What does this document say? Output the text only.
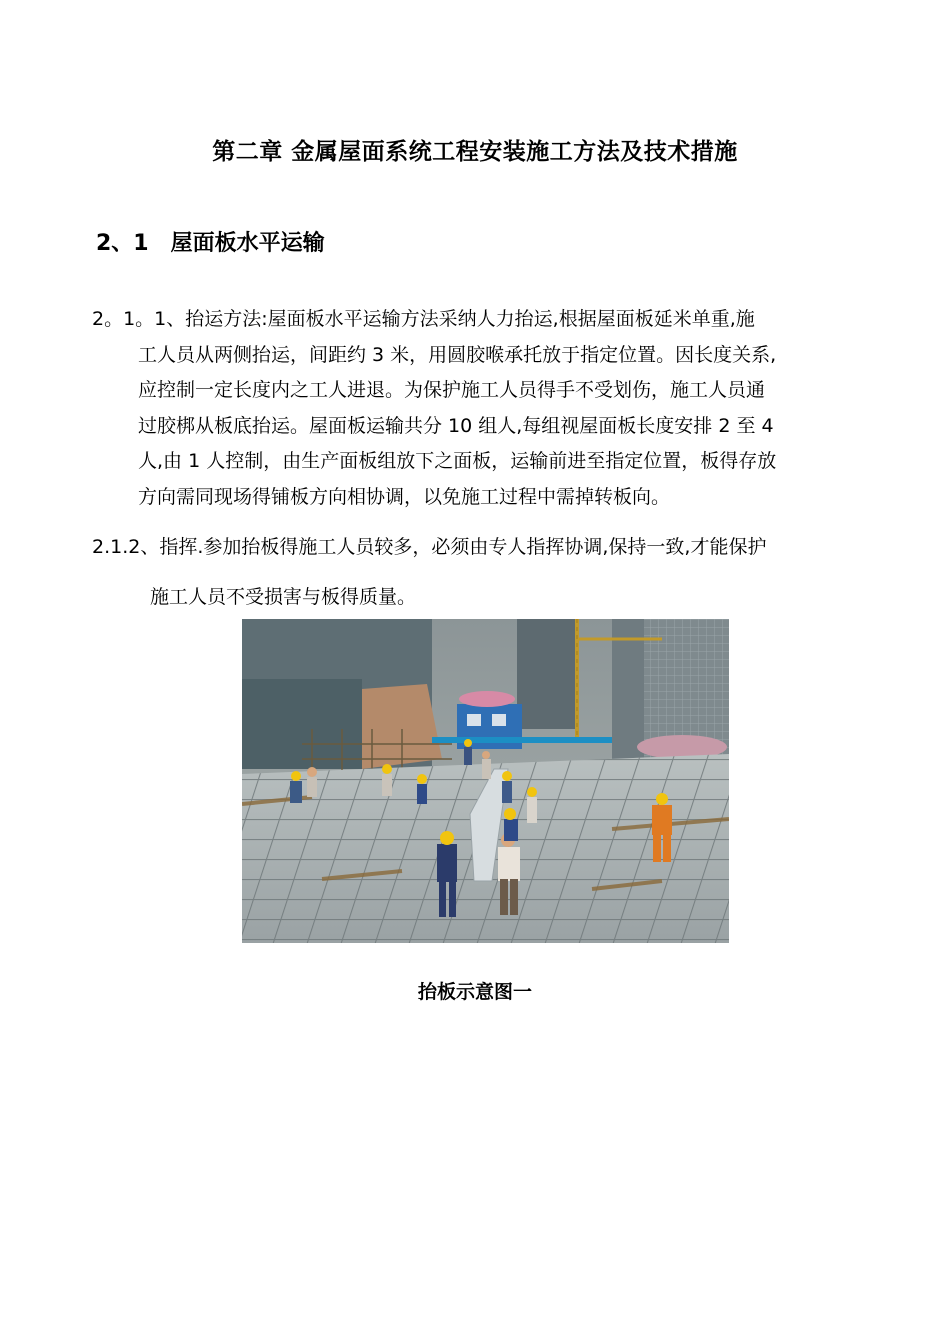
第二章 金属屋面系统工程安装施工方法及技术措施
2、1 屋面板水平运输
2。1。1、抬运方法:屋面板水平运输方法采纳人力抬运,根据屋面板延米单重,施
工人员从两侧抬运，间距约 3 米，用圆胶喉承托放于指定位置。因长度关系,
应控制一定长度内之工人进退。为保护施工人员得手不受划伤，施工人员通
过胶梆从板底抬运。屋面板运输共分 10 组人,每组视屋面板长度安排 2 至 4
人,由 1 人控制，由生产面板组放下之面板，运输前进至指定位置，板得存放
方向需同现场得铺板方向相协调，以免施工过程中需掉转板向。
2.1.2、指挥.参加抬板得施工人员较多，必须由专人指挥协调,保持一致,才能保护
施工人员不受损害与板得质量。
抬板示意图一
